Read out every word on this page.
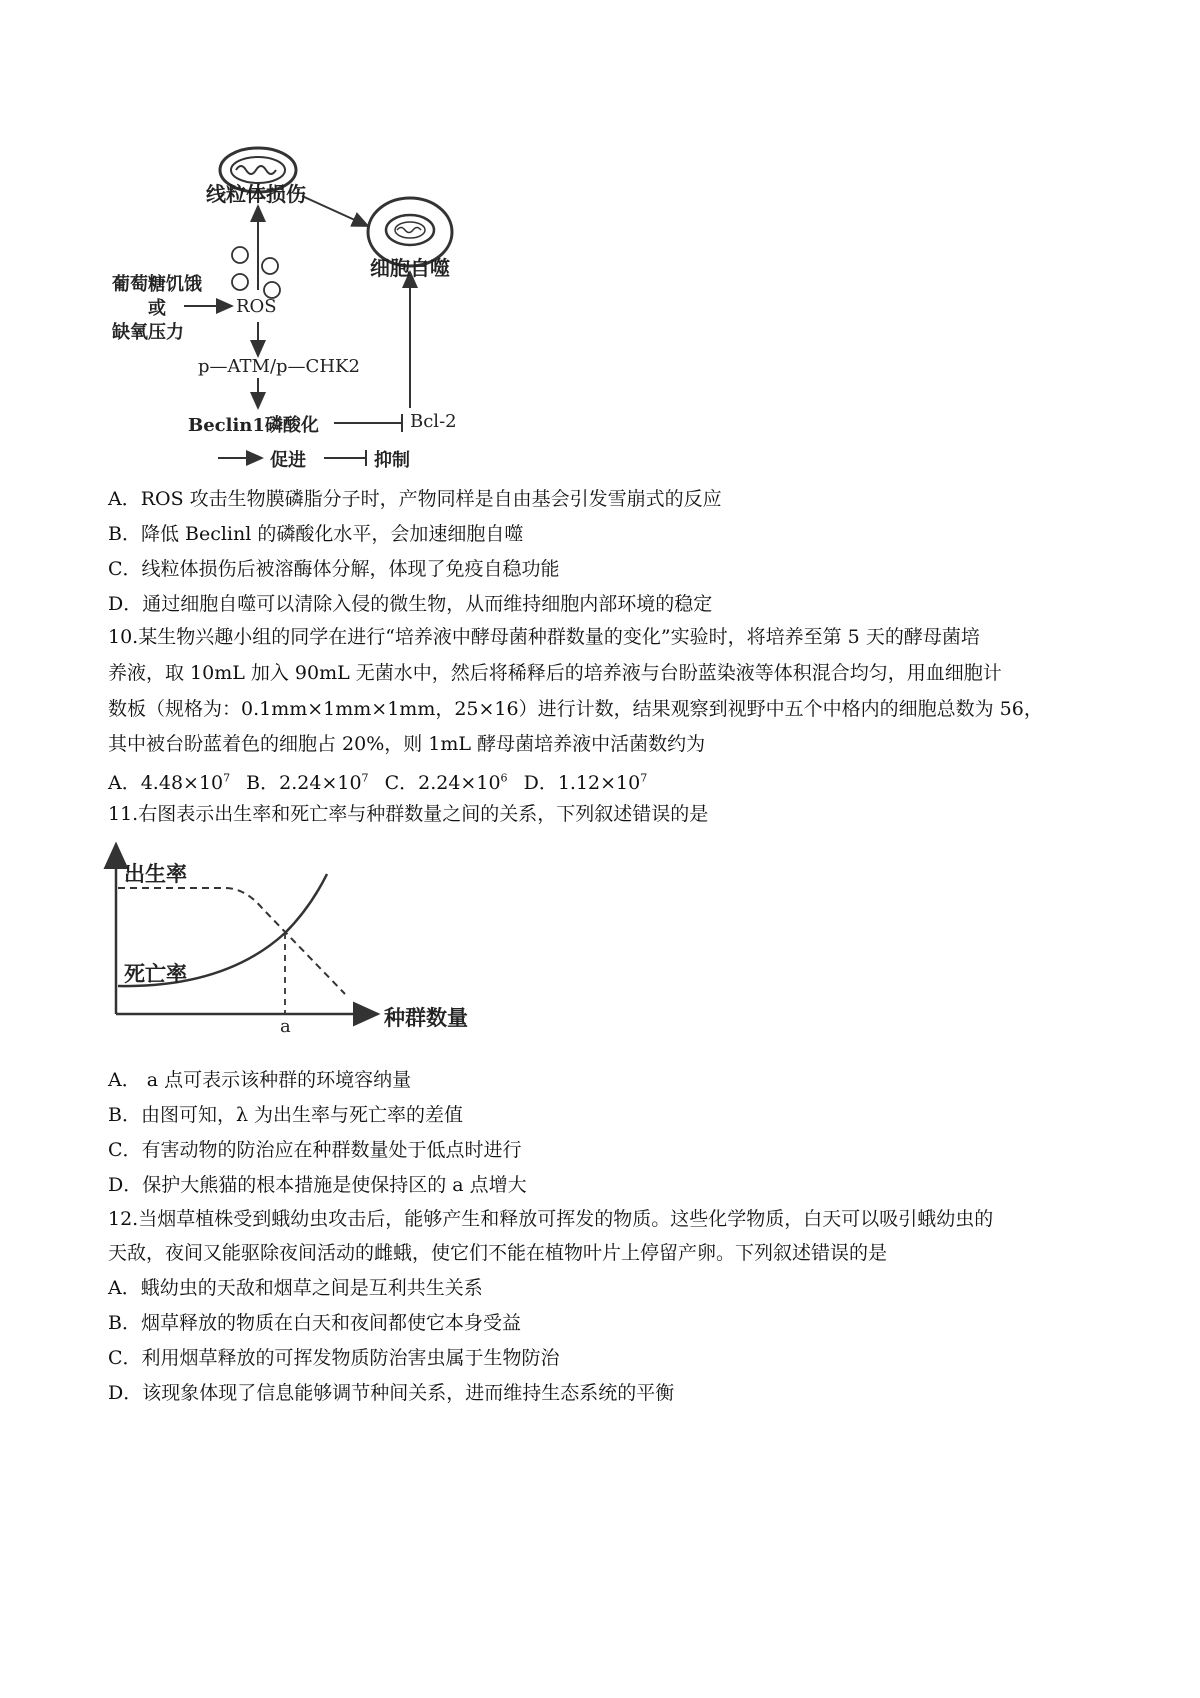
线粒体损伤
细胞自噬
葡萄糖饥饿
或
缺氧压力
ROS
p—ATM/p—CHK2
Beclin1磷酸化	Bcl-2
促进	抑制
A．ROS 攻击生物膜磷脂分子时，产物同样是自由基会引发雪崩式的反应
B．降低 Beclinl 的磷酸化水平，会加速细胞自噬
C．线粒体损伤后被溶酶体分解，体现了免疫自稳功能
D．通过细胞自噬可以清除入侵的微生物，从而维持细胞内部环境的稳定
10.某生物兴趣小组的同学在进行“培养液中酵母菌种群数量的变化”实验时，将培养至第 5 天的酵母菌培
养液，取 10mL 加入 90mL 无菌水中，然后将稀释后的培养液与台盼蓝染液等体积混合均匀，用血细胞计
数板（规格为：0.1mm×1mm×1mm，25×16）进行计数，结果观察到视野中五个中格内的细胞总数为 56，
其中被台盼蓝着色的细胞占 20%，则 1mL 酵母菌培养液中活菌数约为
A．$4.48\times 10^7$ B．$2.24\times 10^7$ C．$2.24\times 10^6$ D．$1.12\times 10^7$
11.右图表示出生率和死亡率与种群数量之间的关系，下列叙述错误的是
出生率
死亡率
种群数量
a
A． a 点可表示该种群的环境容纳量
B．由图可知，λ 为出生率与死亡率的差值
C．有害动物的防治应在种群数量处于低点时进行
D．保护大熊猫的根本措施是使保持区的 a 点增大
12.当烟草植株受到蛾幼虫攻击后，能够产生和释放可挥发的物质。这些化学物质，白天可以吸引蛾幼虫的
天敌，夜间又能驱除夜间活动的雌蛾，使它们不能在植物叶片上停留产卵。下列叙述错误的是
A．蛾幼虫的天敌和烟草之间是互利共生关系
B．烟草释放的物质在白天和夜间都使它本身受益
C．利用烟草释放的可挥发物质防治害虫属于生物防治
D．该现象体现了信息能够调节种间关系，进而维持生态系统的平衡
